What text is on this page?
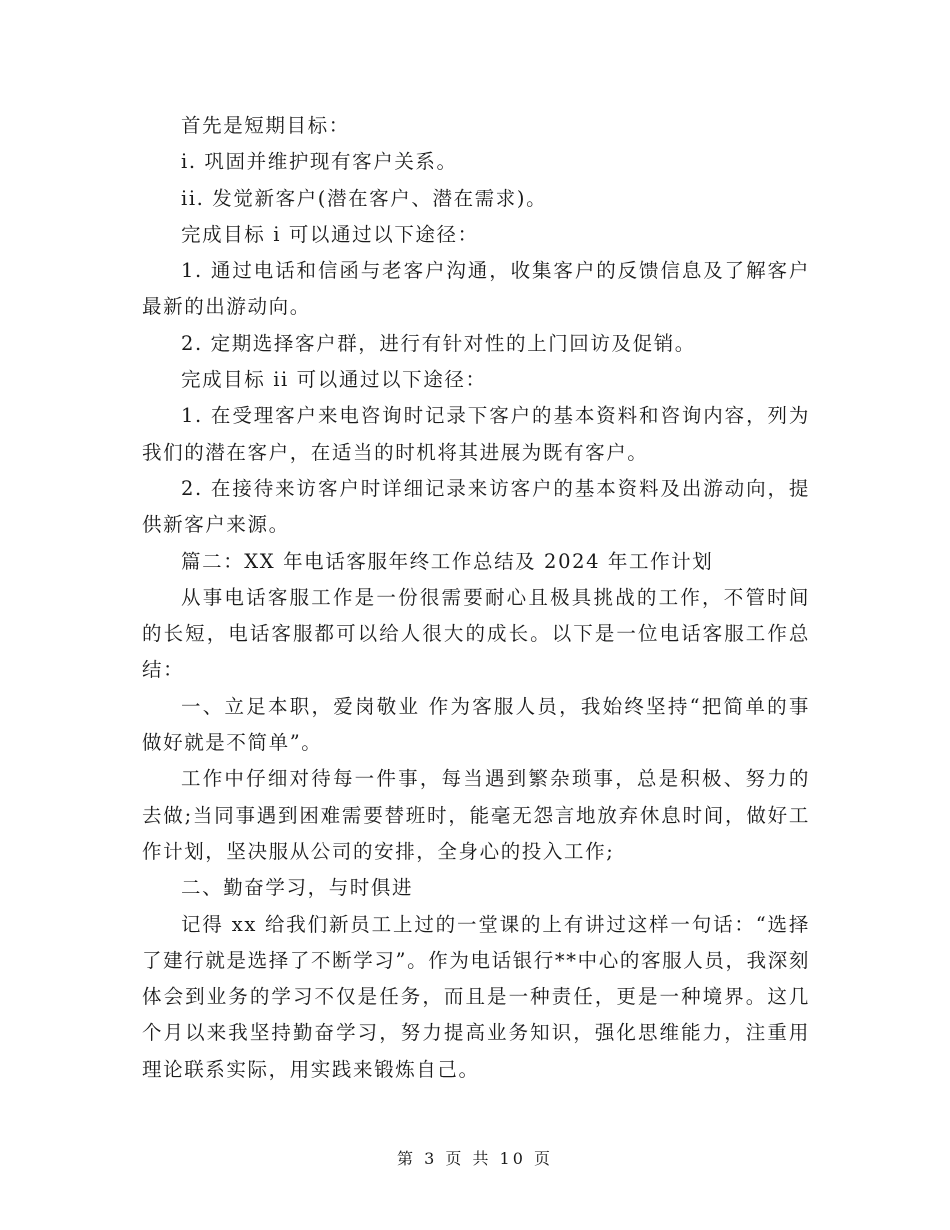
首先是短期目标：

i. 巩固并维护现有客户关系。

ii. 发觉新客户(潜在客户、潜在需求)。

完成目标 i 可以通过以下途径：

1. 通过电话和信函与老客户沟通，收集客户的反馈信息及了解客户最新的出游动向。

2. 定期选择客户群，进行有针对性的上门回访及促销。

完成目标 ii 可以通过以下途径：

1. 在受理客户来电咨询时记录下客户的基本资料和咨询内容，列为我们的潜在客户，在适当的时机将其进展为既有客户。

2. 在接待来访客户时详细记录来访客户的基本资料及出游动向，提供新客户来源。

篇二：XX 年电话客服年终工作总结及 2024 年工作计划

从事电话客服工作是一份很需要耐心且极具挑战的工作，不管时间的长短，电话客服都可以给人很大的成长。以下是一位电话客服工作总结：

一、立足本职，爱岗敬业 作为客服人员，我始终坚持“把简单的事做好就是不简单”。

工作中仔细对待每一件事，每当遇到繁杂琐事，总是积极、努力的去做;当同事遇到困难需要替班时，能毫无怨言地放弃休息时间，做好工作计划，坚决服从公司的安排，全身心的投入工作;

二、勤奋学习，与时俱进

记得 xx 给我们新员工上过的一堂课的上有讲过这样一句话：“选择了建行就是选择了不断学习”。作为电话银行**中心的客服人员，我深刻体会到业务的学习不仅是任务，而且是一种责任，更是一种境界。这几个月以来我坚持勤奋学习，努力提高业务知识，强化思维能力，注重用理论联系实际，用实践来锻炼自己。

第 3 页 共 10 页
